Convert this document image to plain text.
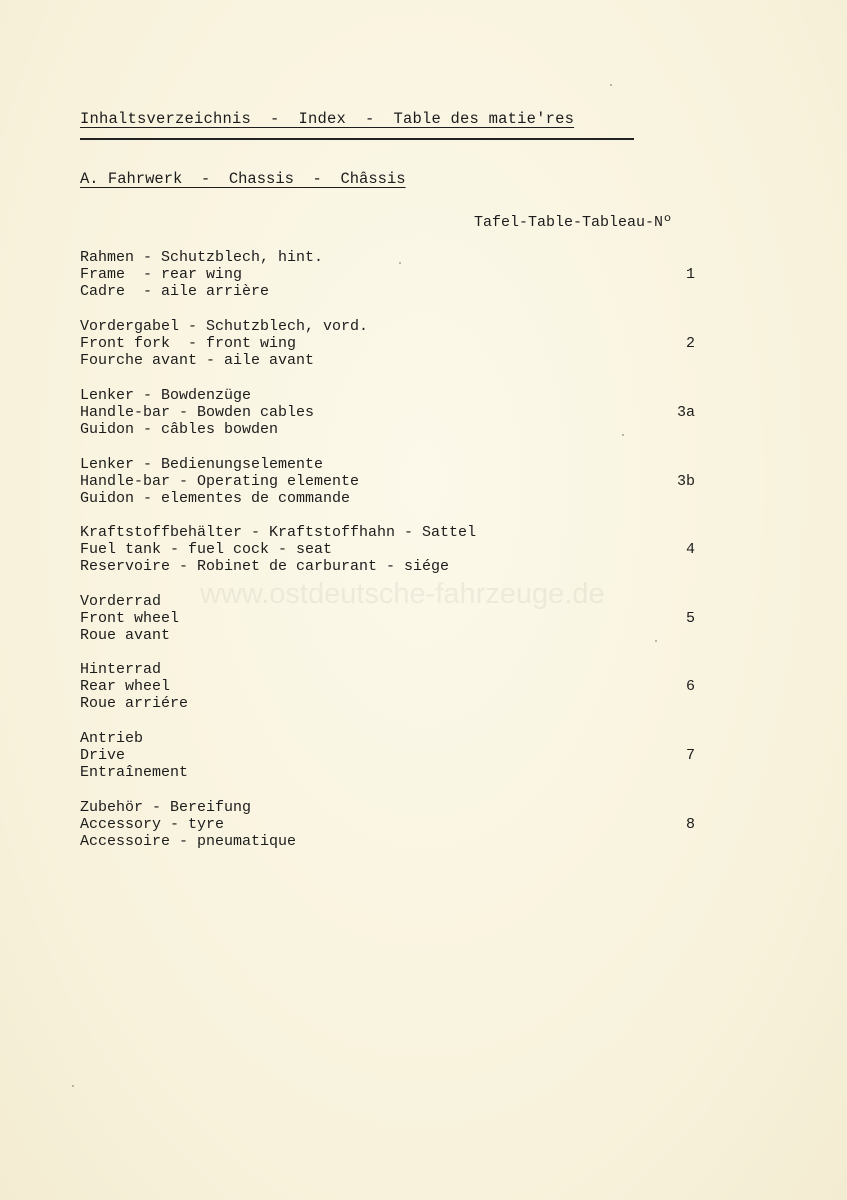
www.ostdeutsche-fahrzeuge.de
Inhaltsverzeichnis  -  Index  -  Table des matie'res
A. Fahrwerk  -  Chassis  -  Châssis
Tafel-Table-Tableau-Nº
Rahmen - Schutzblech, hint.
Frame  - rear wing
Cadre  - aile arrière
1
Vordergabel - Schutzblech, vord.
Front fork  - front wing
Fourche avant - aile avant
2
Lenker - Bowdenzüge
Handle-bar - Bowden cables
Guidon - câbles bowden
3a
Lenker - Bedienungselemente
Handle-bar - Operating elemente
Guidon - elementes de commande
3b
Kraftstoffbehälter - Kraftstoffhahn - Sattel
Fuel tank - fuel cock - seat
Reservoire - Robinet de carburant - siége
4
Vorderrad
Front wheel
Roue avant
5
Hinterrad
Rear wheel
Roue arriére
6
Antrieb
Drive
Entraînement
7
Zubehör - Bereifung
Accessory - tyre
Accessoire - pneumatique
8
